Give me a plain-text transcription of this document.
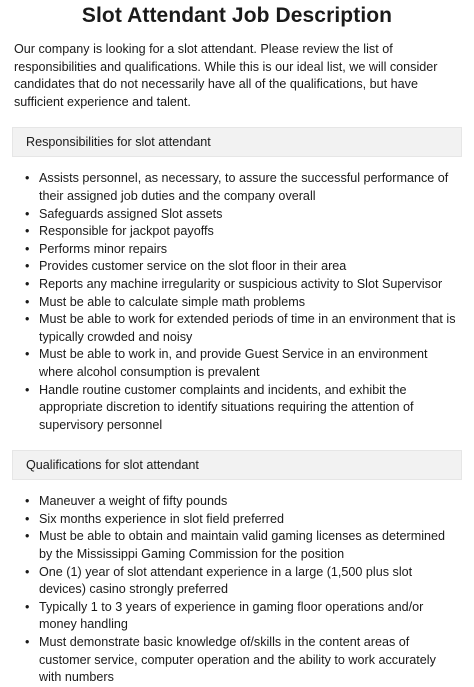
Slot Attendant Job Description

Our company is looking for a slot attendant. Please review the list of responsibilities and qualifications. While this is our ideal list, we will consider candidates that do not necessarily have all of the qualifications, but have sufficient experience and talent.

Responsibilities for slot attendant
• Assists personnel, as necessary, to assure the successful performance of their assigned job duties and the company overall
• Safeguards assigned Slot assets
• Responsible for jackpot payoffs
• Performs minor repairs
• Provides customer service on the slot floor in their area
• Reports any machine irregularity or suspicious activity to Slot Supervisor
• Must be able to calculate simple math problems
• Must be able to work for extended periods of time in an environment that is typically crowded and noisy
• Must be able to work in, and provide Guest Service in an environment where alcohol consumption is prevalent
• Handle routine customer complaints and incidents, and exhibit the appropriate discretion to identify situations requiring the attention of supervisory personnel
Qualifications for slot attendant
• Maneuver a weight of fifty pounds
• Six months experience in slot field preferred
• Must be able to obtain and maintain valid gaming licenses as determined by the Mississippi Gaming Commission for the position
• One (1) year of slot attendant experience in a large (1,500 plus slot devices) casino strongly preferred
• Typically 1 to 3 years of experience in gaming floor operations and/or money handling
• Must demonstrate basic knowledge of/skills in the content areas of customer service, computer operation and the ability to work accurately with numbers
